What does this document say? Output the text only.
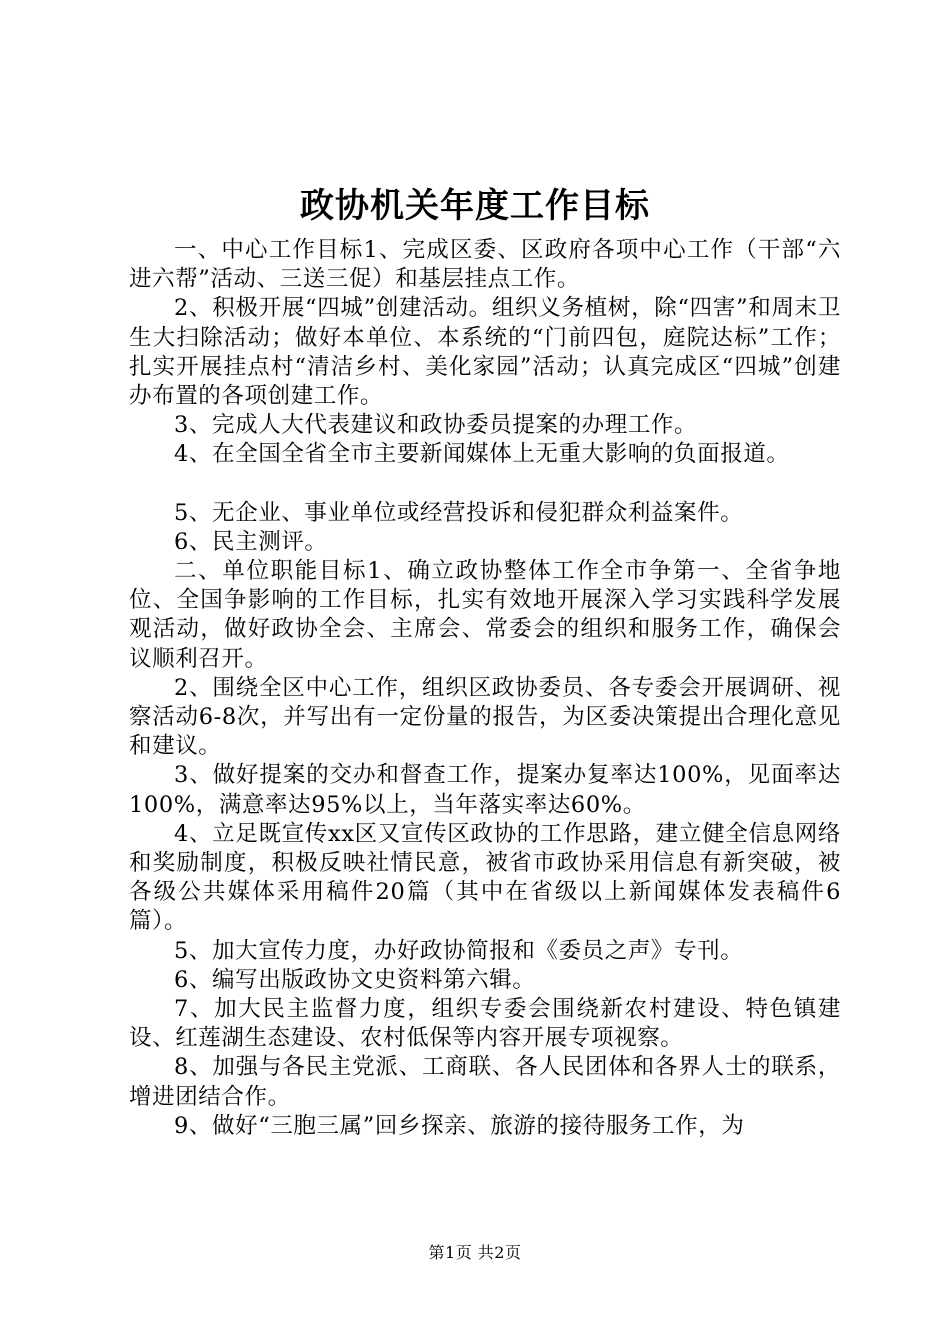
政协机关年度工作目标

一、中心工作目标1、完成区委、区政府各项中心工作（干部“六进六帮”活动、三送三促）和基层挂点工作。

2、积极开展“四城”创建活动。组织义务植树，除“四害”和周末卫生大扫除活动；做好本单位、本系统的“门前四包，庭院达标”工作；扎实开展挂点村“清洁乡村、美化家园”活动；认真完成区“四城”创建办布置的各项创建工作。

3、完成人大代表建议和政协委员提案的办理工作。

4、在全国全省全市主要新闻媒体上无重大影响的负面报道。

5、无企业、事业单位或经营投诉和侵犯群众利益案件。

6、民主测评。

二、单位职能目标1、确立政协整体工作全市争第一、全省争地位、全国争影响的工作目标，扎实有效地开展深入学习实践科学发展观活动，做好政协全会、主席会、常委会的组织和服务工作，确保会议顺利召开。

2、围绕全区中心工作，组织区政协委员、各专委会开展调研、视察活动6-8次，并写出有一定份量的报告，为区委决策提出合理化意见和建议。

3、做好提案的交办和督查工作，提案办复率达100%，见面率达100%，满意率达95%以上，当年落实率达60%。

4、立足既宣传xx区又宣传区政协的工作思路，建立健全信息网络和奖励制度，积极反映社情民意，被省市政协采用信息有新突破，被各级公共媒体采用稿件20篇（其中在省级以上新闻媒体发表稿件6篇）。

5、加大宣传力度，办好政协简报和《委员之声》专刊。

6、编写出版政协文史资料第六辑。

7、加大民主监督力度，组织专委会围绕新农村建设、特色镇建设、红莲湖生态建设、农村低保等内容开展专项视察。

8、加强与各民主党派、工商联、各人民团体和各界人士的联系，增进团结合作。

9、做好“三胞三属”回乡探亲、旅游的接待服务工作，为

第1页 共2页
